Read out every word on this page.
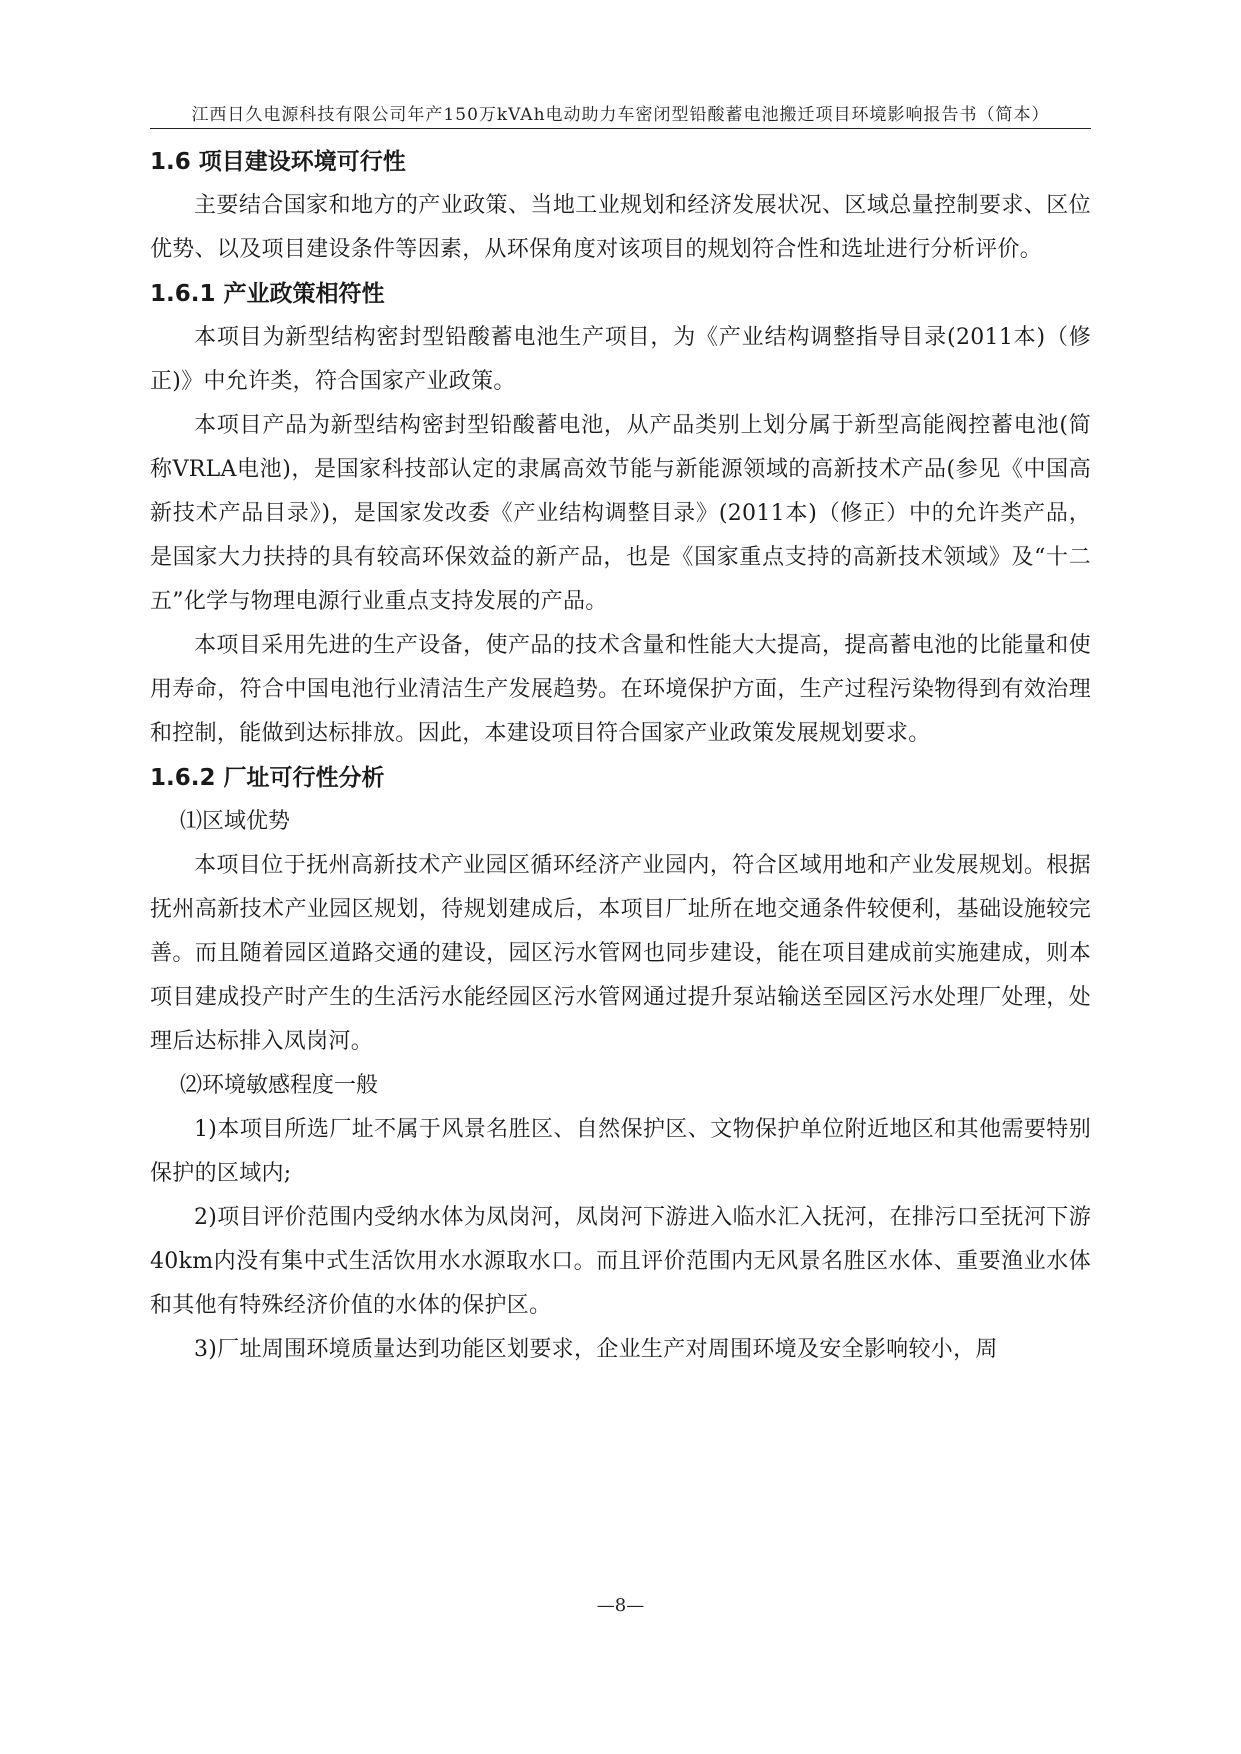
江西日久电源科技有限公司年产150万kVAh电动助力车密闭型铅酸蓄电池搬迁项目环境影响报告书（简本）
1.6 项目建设环境可行性

主要结合国家和地方的产业政策、当地工业规划和经济发展状况、区域总量控制要求、区位优势、以及项目建设条件等因素，从环保角度对该项目的规划符合性和选址进行分析评价。

1.6.1 产业政策相符性

本项目为新型结构密封型铅酸蓄电池生产项目，为《产业结构调整指导目录(2011本)（修正)》中允许类，符合国家产业政策。

本项目产品为新型结构密封型铅酸蓄电池，从产品类别上划分属于新型高能阀控蓄电池(简称VRLA电池)，是国家科技部认定的隶属高效节能与新能源领域的高新技术产品(参见《中国高新技术产品目录》)，是国家发改委《产业结构调整目录》(2011本)（修正）中的允许类产品，是国家大力扶持的具有较高环保效益的新产品，也是《国家重点支持的高新技术领域》及“十二五”化学与物理电源行业重点支持发展的产品。

本项目采用先进的生产设备，使产品的技术含量和性能大大提高，提高蓄电池的比能量和使用寿命，符合中国电池行业清洁生产发展趋势。在环境保护方面，生产过程污染物得到有效治理和控制，能做到达标排放。因此，本建设项目符合国家产业政策发展规划要求。

1.6.2 厂址可行性分析

⑴区域优势

本项目位于抚州高新技术产业园区循环经济产业园内，符合区域用地和产业发展规划。根据抚州高新技术产业园区规划，待规划建成后，本项目厂址所在地交通条件较便利，基础设施较完善。而且随着园区道路交通的建设，园区污水管网也同步建设，能在项目建成前实施建成，则本项目建成投产时产生的生活污水能经园区污水管网通过提升泵站输送至园区污水处理厂处理，处理后达标排入凤岗河。

⑵环境敏感程度一般

1)本项目所选厂址不属于风景名胜区、自然保护区、文物保护单位附近地区和其他需要特别保护的区域内;

2)项目评价范围内受纳水体为凤岗河，凤岗河下游进入临水汇入抚河，在排污口至抚河下游40km内没有集中式生活饮用水水源取水口。而且评价范围内无风景名胜区水体、重要渔业水体和其他有特殊经济价值的水体的保护区。

3)厂址周围环境质量达到功能区划要求，企业生产对周围环境及安全影响较小，周

—8—
